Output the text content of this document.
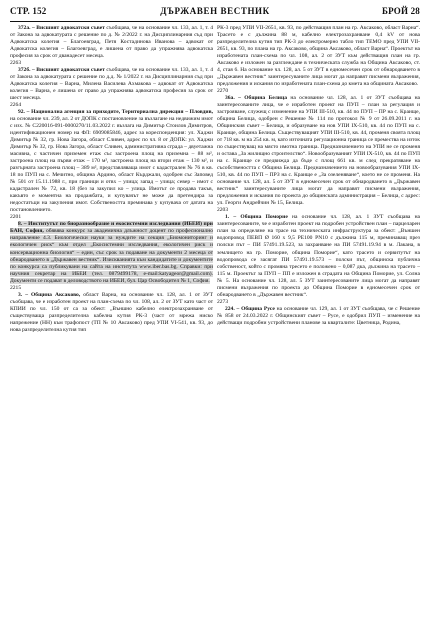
СТР. 152	ДЪРЖАВЕН ВЕСТНИК	БРОЙ 28

372а. – Висшият адвокатски съвет съобщава, че на основание чл. 133, ал. 1, т. 4 от Закона за адвокатурата с решение по д. № 2/2022 г. на Дисциплинарния съд при Адвокатска колегия – Благоевград, Петя Костадинова Иванова – адвокат от Адвокатска колегия – Благоевград, е лишена от право да упражнява адвокатска професия за срок от дванадесет месеца.

2263

372б. – Висшият адвокатски съвет съобщава, че на основание чл. 133, ал. 1, т. 4 от Закона за адвокатурата с решение по д.д. № 1/2022 г. на Дисциплинарния съд при Адвокатска колегия – Варна, Милена Василева Ахмакова – адвокат от Адвокатска колегия – Варна, е лишена от право да упражнява адвокатска професия за срок от шест месеца.

2264

92. – Национална агенция за приходите, Териториална дирекция – Пловдив, на основание чл. 239, ал. 2 от ДОПК с постановление за възлагане на недвижим имот с изх. № С220016-091-0000270/11.03.2022 г. възлага на Димитър Стоилов Димитров, идентификационен номер на ФЛ: 6909085846, адрес за кореспонденция: ул. Хаджи Димитър № 32, гр. Нова Загора, област Сливен, адрес по чл. 8 от ДОПК: ул. Хаджи Димитър № 32, гр. Нова Загора, област Сливен, административна сграда – двуетажна масивна, с частичен приземен етаж със застроена площ на приземна – 88 м², застроена площ на първи етаж – 170 м², застроена площ на втори етаж – 130 м², и разгърната застроена площ – 389 м², представляваща имот с кадастрален № 76 в кв. 18 по ПУП на с. Мечитно, община Ардино, област Кърджали, одобрен със Заповед № 501 от 15.11.1988 г., при граници и отвх – улица; запад – улица; север – имот с кадастрален № 72, кв. 18 (без за закупил ко – улица. Имотът се продава такъв, какъвто е моментна на продажбата, и купувачът не може да претендира за недостатъци на закупения имот. Собствеността преминава у купувача от датата на постановлението.

2201

8. – Институтът по биоразнообразие и екосистемни изследвания (ИБЕИ) при БАН, София, обявява конкурс за академична длъжност доцент по професионално направление 4.3. Биологически науки за нуждите на секция „Биомониторинг и екологичен риск“ към отдел „Екосистемни изследвания, екологичен риск и консервационна биология“ – един, със срок за подаване на документи 2 месеца от обнародването в „Държавен вестник“. Изискванията към кандидатите и документите по конкурса са публикувани на сайта на института www.iber.bas.bg. Справки: при научния секретар на ИБЕИ (тел. 0879499178, e-mail:katyageor@gmail.com). Документи се подават в деловодството на ИБЕИ, бул. Цар Освободител № 1, София.

2215

3. – Община Аксаково, област Варна, на основание чл. 128, ал. 1 от ЗУТ съобщава, че е изработен проект на план-схема по чл. 108, ал. 2 от ЗУТ като част от КПИИ по чл. 150 от са за обект: „Външно кабелно електрозахранване от съществуваща разпределителна кабелна кутия РК-3 (част от мрежа ниско напрежение (НН) към трафопост (ТП № 10 Аксаково) пред УПИ VI-541, кв. 93, до нова разпределителна кутия тип

РК-3 пред УПИ VII-2651, кв. 93, по действащия план на гр. Аксаково, област Варна“. Трасето е с дължина 88 м, кабелно електрозахранване 0,4 kV от нова разпределителна кутия тип РК-3 до електромерно табло тип ТЕМО пред УПИ VII-2651, кв. 93, по плана на гр. Аксаково, община Аксаково, област Варна“. Проектът на изработената план-схема по чл. 108, ал. 2 от ЗУТ към действащия план на гр. Аксаково е изложен за разглеждане в техническата служба на Община Аксаково, ст. 4, стая 6. На основание чл. 128, ал. 5 от ЗУТ в едномесечен срок от обнародването в „Държавен вестник“ заинтересуваните лица могат да направят писмени възражения, предложения и искания по изработената план-схема до кмета на общината Аксаково.

2270

36а. – Община Белица на основание чл. 128, ал. 1 от ЗУТ съобщава на заинтересованите лица, че е изработен проект на ПУП – план за регулация и застрояване, служещ с изменение на УПИ III-510, кв. 44 по ПУП – ПР на с. Краище, община Белица, одобрен с Решение № 114 по протокол № 9 от 26.09.2011 г. на Общинския съвет – Белица, и образуване на нов УПИ IX-510, кв. 44 по ПУП на с. Краище, община Белица. Съществуващият УПИ III-510, кв. 44, променя своята площ от 718 кв. м на 254 кв. м, като източната регулационна граница се премества на изток по съществуващ на място имотна граница. Предназначението на УПИ не се променя и остава „За жилищно строителство“. Новообразуваният УПИ IX-510, кв. 44 по ПУП на с. Краище се предвижда да бъде с площ 661 кв. м след прекратяване на съсобствеността с Община Белица. Предназначението на новообразувания УПИ IX-510, кв. 44 по ПУП – ПРЗ на с. Краище е „За озеленяване“, което не се променя. На основание чл. 128, ал. 5 от ЗУТ в едномесечен срок от обнародването в „Държавен вестник“ заинтересуваните лица могат да направят писмени възражения, предложения и искания по проекта до общинската администрация – Белица, с адрес: ул. Георги Андрейчин № 15, Белица.

2203

1. – Община Поморие на основание чл. 128, ал. 1 ЗУТ съобщава на заинтересованите, че е изработен проект на подробен устройствен план – парцеларен план за определяне на трасе на техническата инфраструктура за обект: „Външен водопровод ПЕВП Ø 160 x 9,5 PE100 PN10 с дължина 115 м, преминаващ през полски път – ПИ 57491.19.523, за захранване на ПИ 57491.19.94 в м. Лакана, в землището на гр. Поморие, община Поморие“, като трасето и сервитутът на водопровода се засягат ПИ 57491.19.573 – полски път, общинска публична собственост, който с промяна тресето е положено – 0,087 дка, дължина на трасето – 115 м. Проектът за ПУП – ПП е изложен в сградата на Община Поморие, ул. Солна № 5. На основание чл. 128, ал. 5 ЗУТ заинтересованите лица могат да направят писмени възражения по проекта до Община Поморие в едномесечен срок от обнародването в „Държавен вестник“.

2273

224. – Община Русе на основание чл. 129, ал. 1 от ЗУТ съобщава, че с Решение № 858 от 24.03.2022 г. Общинският съвет – Русе, е одобрил ПУП – изменение на действащи подробни устройствени планове за кварталите: Цветница, Родина,
